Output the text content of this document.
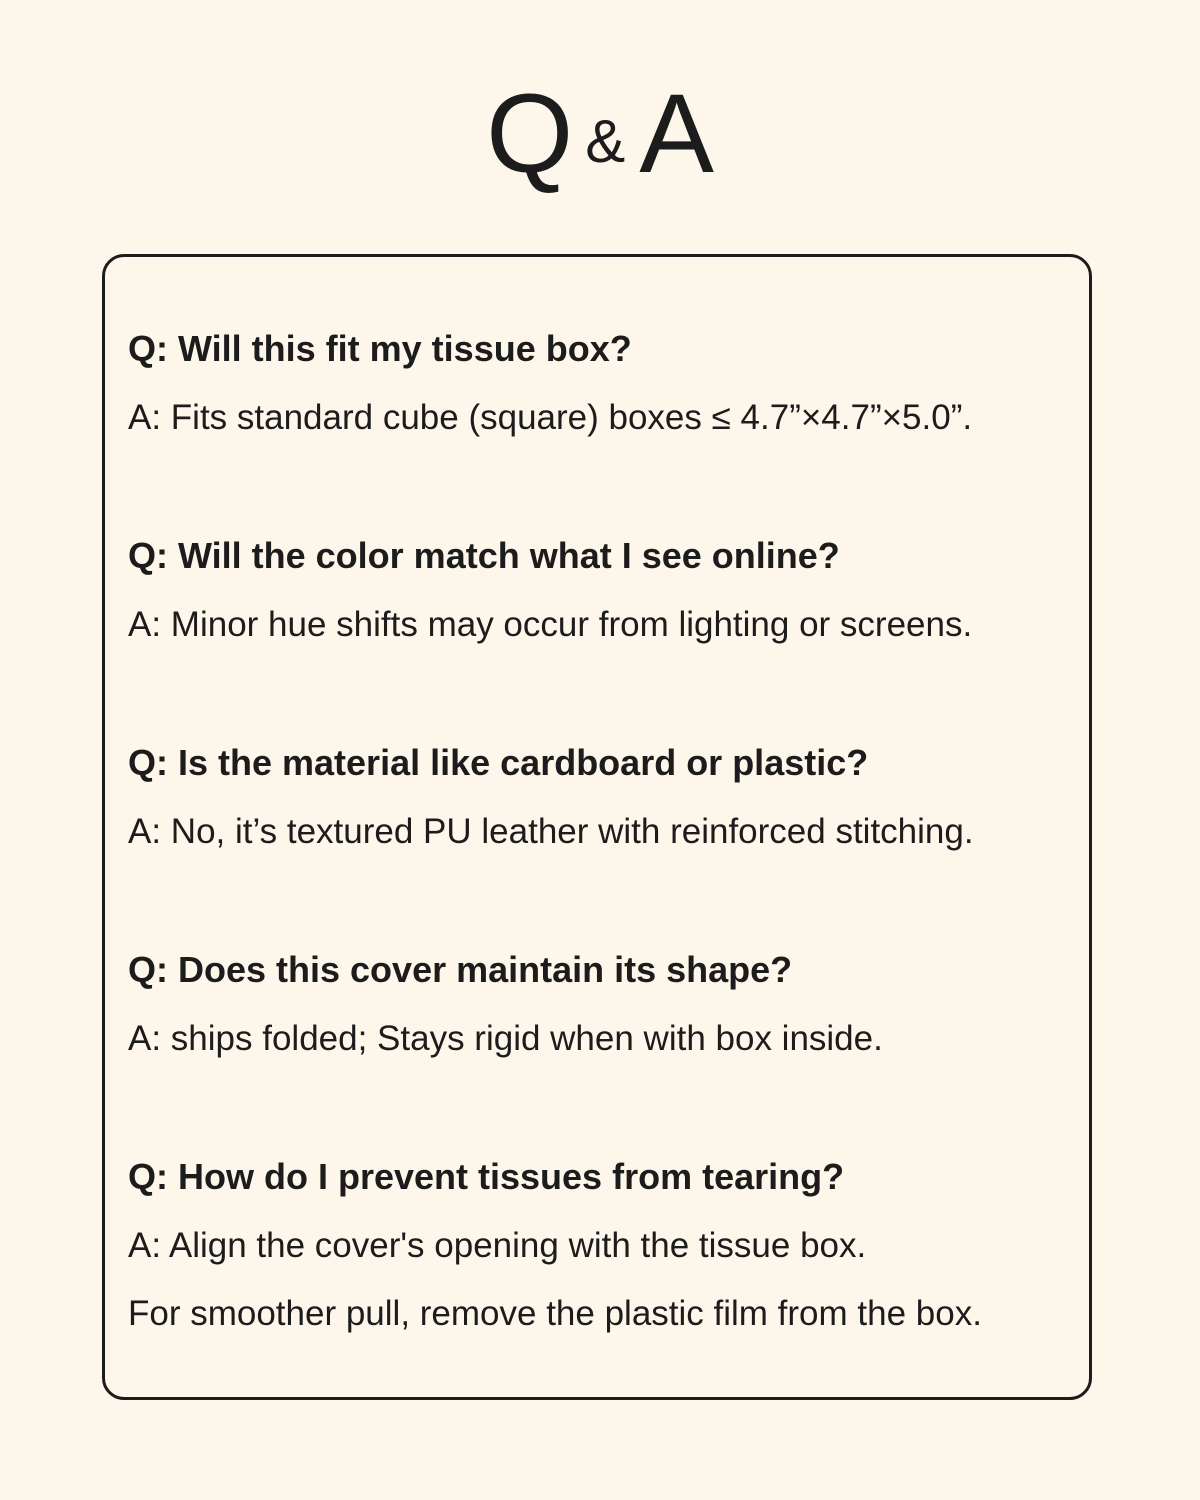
Q & A
Q: Will this fit my tissue box?
A: Fits standard cube (square) boxes ≤ 4.7”×4.7”×5.0”.
Q: Will the color match what I see online?
A: Minor hue shifts may occur from lighting or screens.
Q: Is the material like cardboard or plastic?
A: No, it’s textured PU leather with reinforced stitching.
Q: Does this cover maintain its shape?
A: ships folded; Stays rigid when with box inside.
Q: How do I prevent tissues from tearing?
A: Align the cover's opening with the tissue box.
For smoother pull, remove the plastic film from the box.
